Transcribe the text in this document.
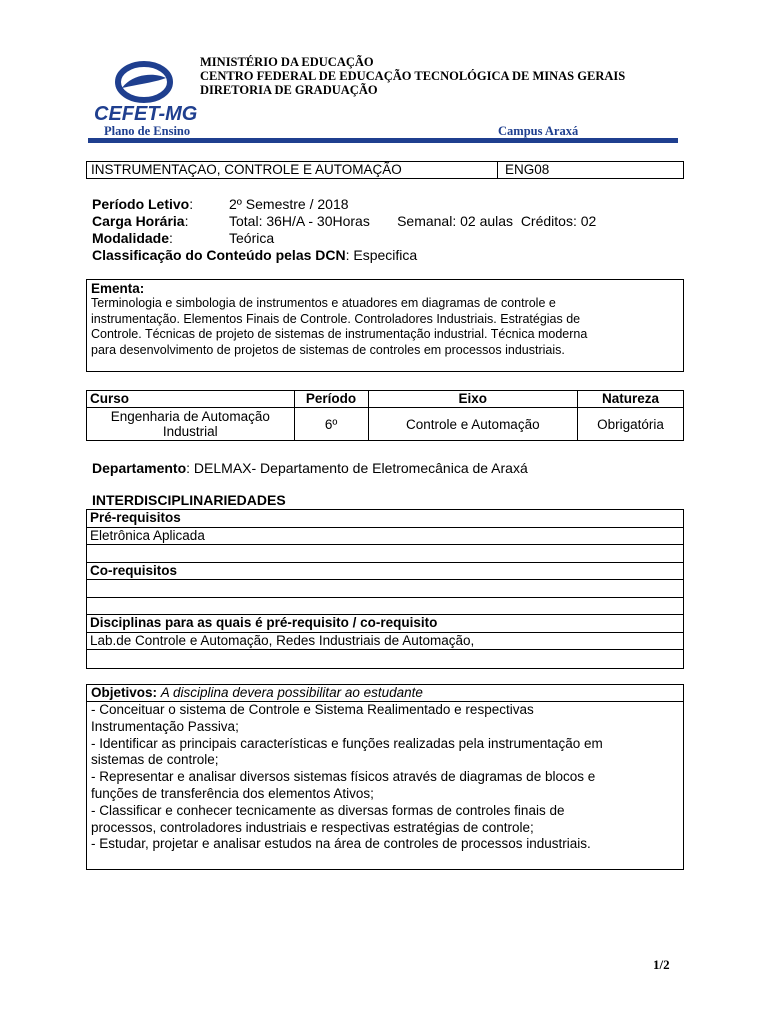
CEFET-MG
MINISTÉRIO DA EDUCAÇÃO
CENTRO FEDERAL DE EDUCAÇÃO TECNOLÓGICA DE MINAS GERAIS
DIRETORIA DE GRADUAÇÃO
Plano de Ensino	Campus Araxá
INSTRUMENTAÇAO, CONTROLE E AUTOMAÇÃO	ENG08
Período Letivo:	2º Semestre / 2018
Carga Horária:	Total: 36H/A - 30Horas       Semanal: 02 aulas  Créditos: 02
Modalidade:	Teórica
Classificação do Conteúdo pelas DCN: Especifica
Ementa:
Terminologia e simbologia de instrumentos e atuadores em diagramas de controle e
instrumentação. Elementos Finais de Controle. Controladores Industriais. Estratégias de
Controle. Técnicas de projeto de sistemas de instrumentação industrial. Técnica moderna
para desenvolvimento de projetos de sistemas de controles em processos industriais.
Curso	Período	Eixo	Natureza

Engenharia de Automação
Industrial	6º	Controle e Automação	Obrigatória
Departamento: DELMAX- Departamento de Eletromecânica de Araxá
INTERDISCIPLINARIEDADES
Pré-requisitos
Eletrônica Aplicada
Co-requisitos
Disciplinas para as quais é pré-requisito / co-requisito
Lab.de Controle e Automação, Redes Industriais de Automação,
Objetivos: A disciplina devera possibilitar ao estudante
- Conceituar o sistema de Controle e Sistema Realimentado e respectivas
Instrumentação Passiva;
- Identificar as principais características e funções realizadas pela instrumentação em
sistemas de controle;
- Representar e analisar diversos sistemas físicos através de diagramas de blocos e
funções de transferência dos elementos Ativos;
- Classificar e conhecer tecnicamente as diversas formas de controles finais de
processos, controladores industriais e respectivas estratégias de controle;
- Estudar, projetar e analisar estudos na área de controles de processos industriais.
1/2
